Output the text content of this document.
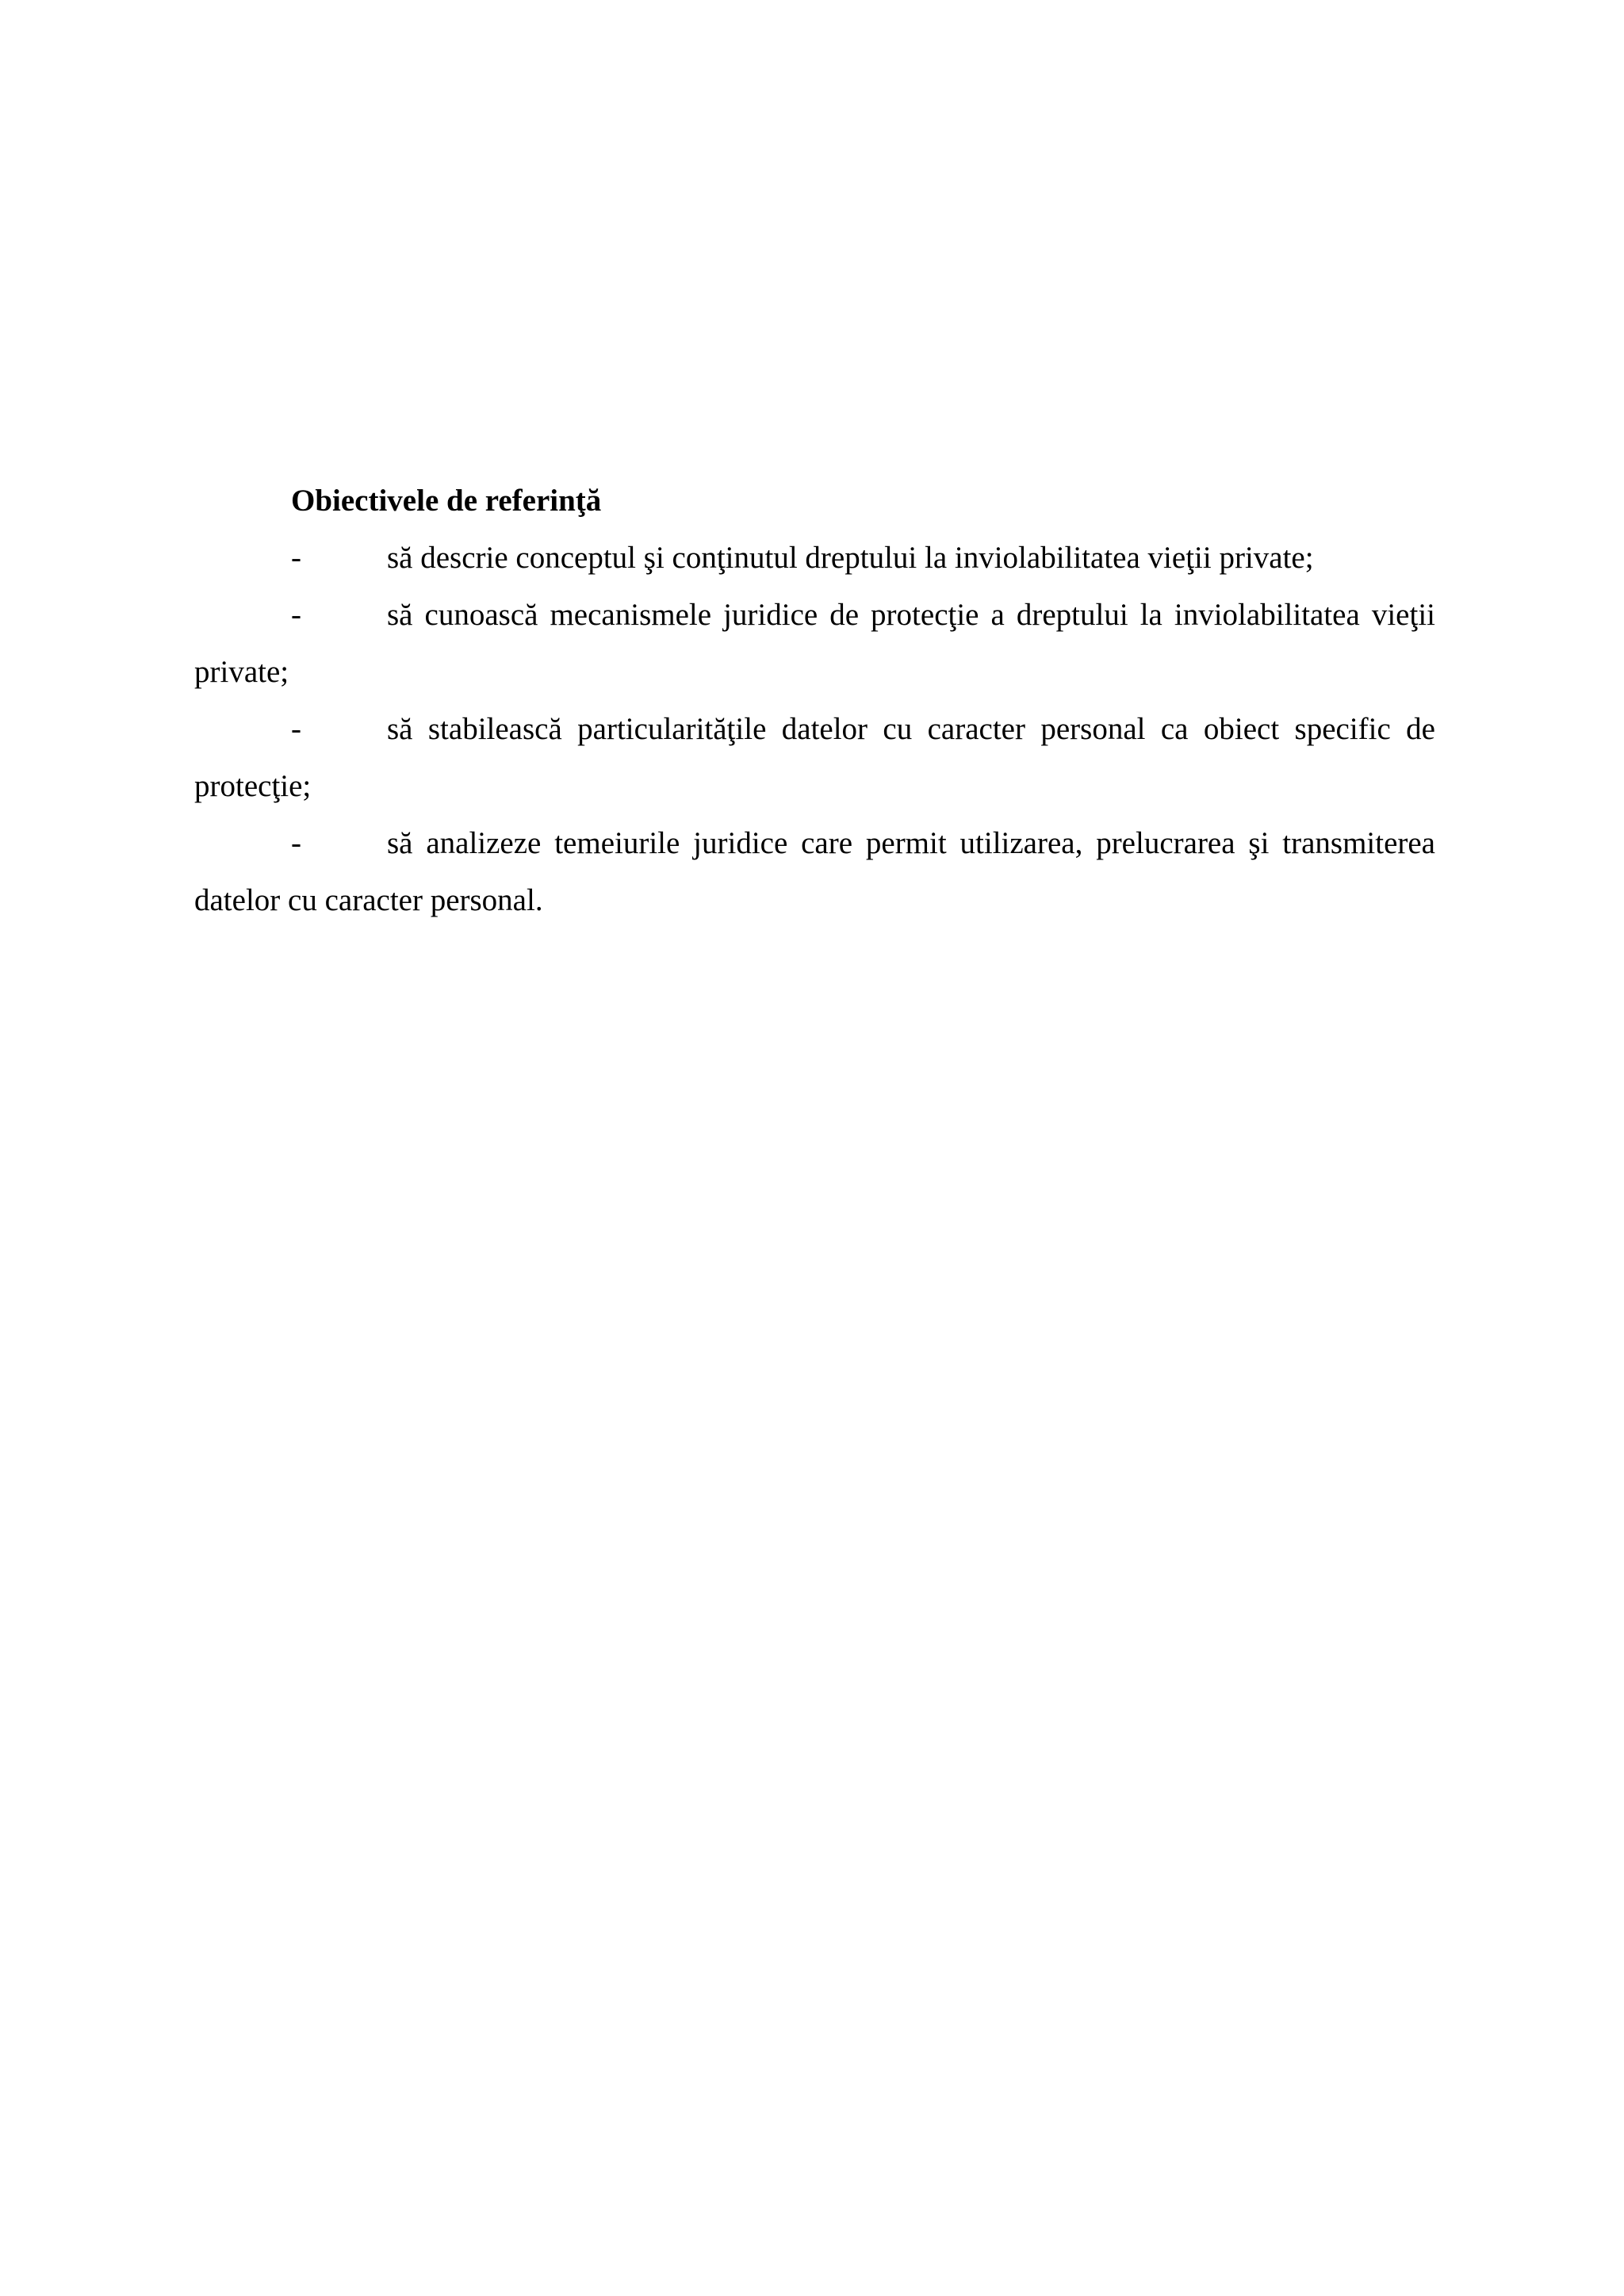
Obiectivele de referinţă

-	să descrie conceptul şi conţinutul dreptului la inviolabilitatea vieţii private;
-	să cunoască mecanismele juridice de protecţie a dreptului la inviolabilitatea vieţii private;
-	să stabilească particularităţile datelor cu caracter personal ca obiect specific de protecţie;
-	să analizeze temeiurile juridice care permit utilizarea, prelucrarea şi transmiterea datelor cu caracter personal.
